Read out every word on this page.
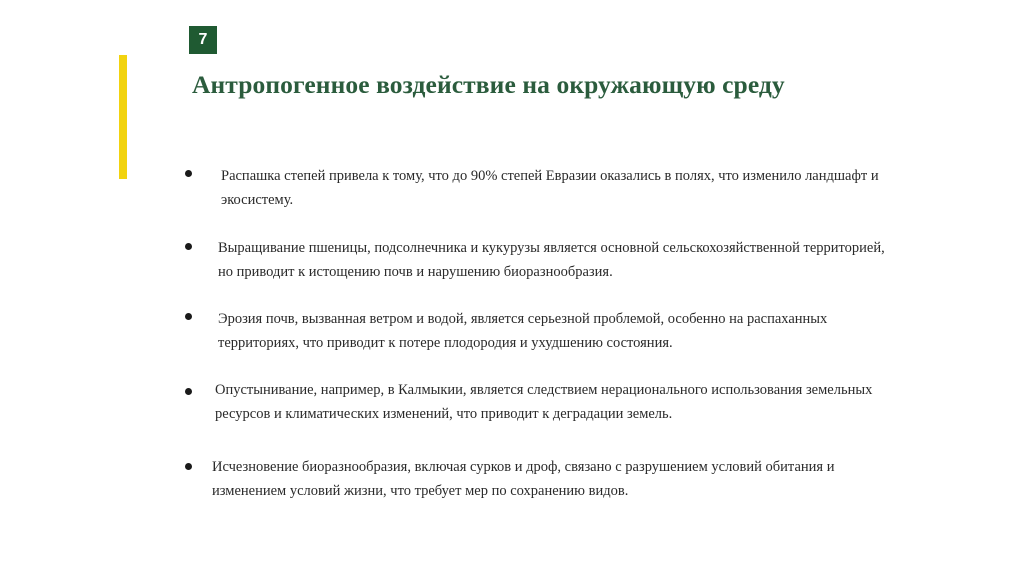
7
Антропогенное воздействие на окружающую среду

Распашка степей привела к тому, что до 90% степей Евразии оказались в полях, что изменило ландшафт и
экосистему.

Выращивание пшеницы, подсолнечника и кукурузы является основной сельскохозяйственной территорией,
но приводит к истощению почв и нарушению биоразнообразия.

Эрозия почв, вызванная ветром и водой, является серьезной проблемой, особенно на распаханных
территориях, что приводит к потере плодородия и ухудшению состояния.

Опустынивание, например, в Калмыкии, является следствием нерационального использования земельных
ресурсов и климатических изменений, что приводит к деградации земель.

Исчезновение биоразнообразия, включая сурков и дроф, связано с разрушением условий обитания и
изменением условий жизни, что требует мер по сохранению видов.
